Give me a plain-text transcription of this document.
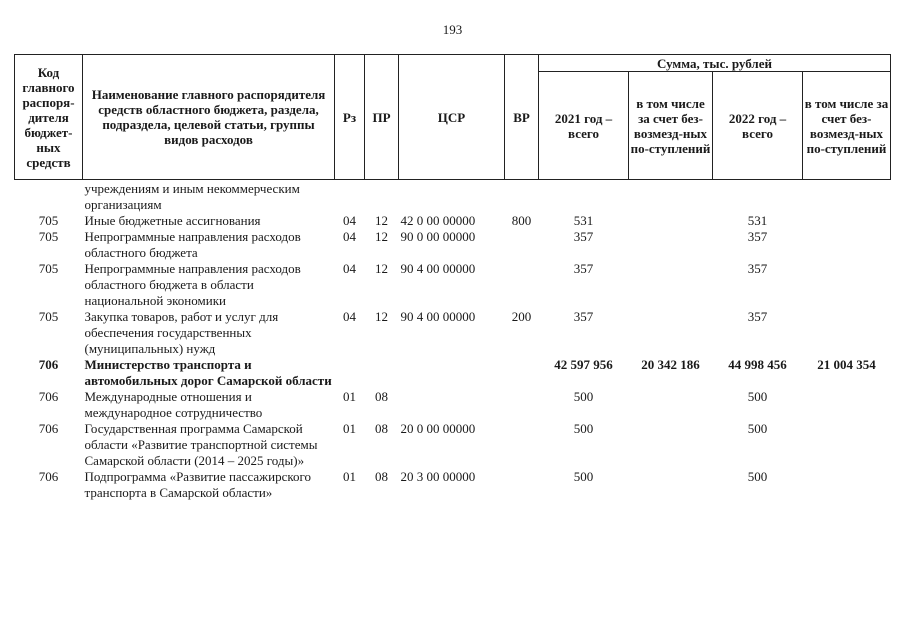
193
Код главного распоря-дителя бюджет-ных средств	Наименование главного распорядителя средств областного бюджета, раздела, подраздела, целевой статьи, группы видов расходов	Рз	ПР	ЦСР	ВР	Сумма, тыс. рублей			
						2021 год – всего	в том числе за счет без-возмезд-ных по-ступлений	2022 год – всего	в том числе за счет без-возмезд-ных по-ступлений
	учреждениям и иным некоммерческим организациям								
705	Иные бюджетные ассигнования	04	12	42 0 00 00000	800	531		531	
705	Непрограммные направления расходов областного бюджета	04	12	90 0 00 00000		357		357	
705	Непрограммные направления расходов областного бюджета в области национальной экономики	04	12	90 4 00 00000		357		357	
705	Закупка товаров, работ и услуг для обеспечения государственных (муниципальных) нужд	04	12	90 4 00 00000	200	357		357	
706	Министерство транспорта и автомобильных дорог Самарской области					42 597 956	20 342 186	44 998 456	21 004 354
706	Международные отношения и международное сотрудничество	01	08			500		500	
706	Государственная программа Самарской области «Развитие транспортной системы Самарской области (2014 – 2025 годы)»	01	08	20 0 00 00000		500		500	
706	Подпрограмма «Развитие пассажирского транспорта в Самарской области»	01	08	20 3 00 00000		500		500	
